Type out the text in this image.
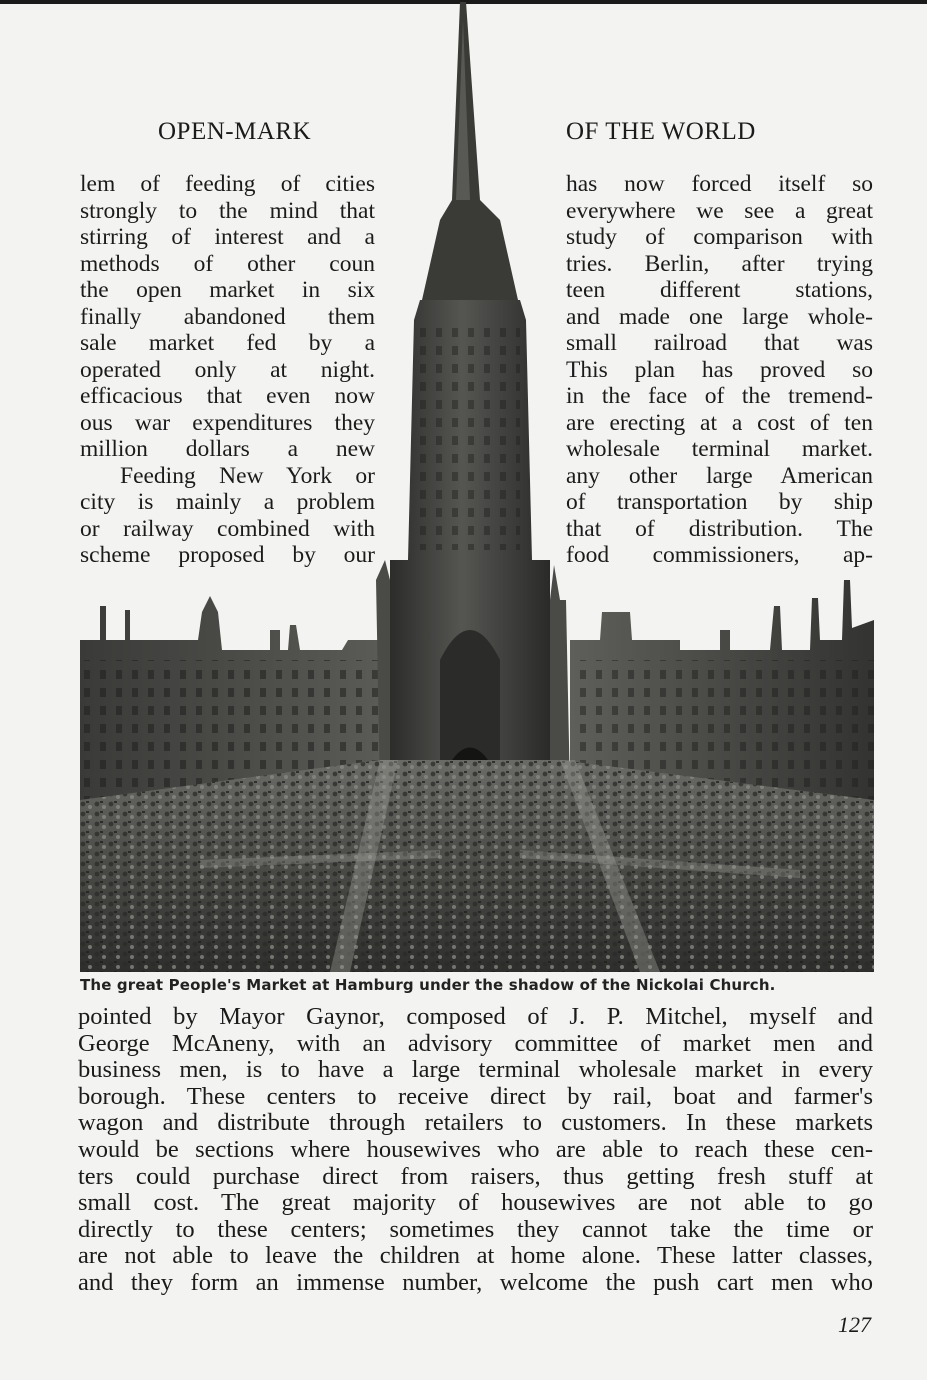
OPEN-MARK	OF THE WORLD
lem of feeding of cities
strongly to the mind that
stirring of interest and a
methods of other coun
the open market in six
finally abandoned them
sale market fed by a
operated only at night.
efficacious that even now
ous war expenditures they
million dollars a new
Feeding New York or
city is mainly a problem
or railway combined with
scheme proposed by our
has now forced itself so
everywhere we see a great
study of comparison with
tries. Berlin, after trying
teen different stations,
and made one large whole-
small railroad that was
This plan has proved so
in the face of the tremend-
are erecting at a cost of ten
wholesale terminal market.
any other large American
of transportation by ship
that of distribution. The
food commissioners, ap-
The great People's Market at Hamburg under the shadow of the Nickolai Church.
pointed by Mayor Gaynor, composed of J. P. Mitchel, myself and
George McAneny, with an advisory committee of market men and
business men, is to have a large terminal wholesale market in every
borough. These centers to receive direct by rail, boat and farmer's
wagon and distribute through retailers to customers. In these markets
would be sections where housewives who are able to reach these cen-
ters could purchase direct from raisers, thus getting fresh stuff at
small cost. The great majority of housewives are not able to go
directly to these centers; sometimes they cannot take the time or
are not able to leave the children at home alone. These latter classes,
and they form an immense number, welcome the push cart men who
127
